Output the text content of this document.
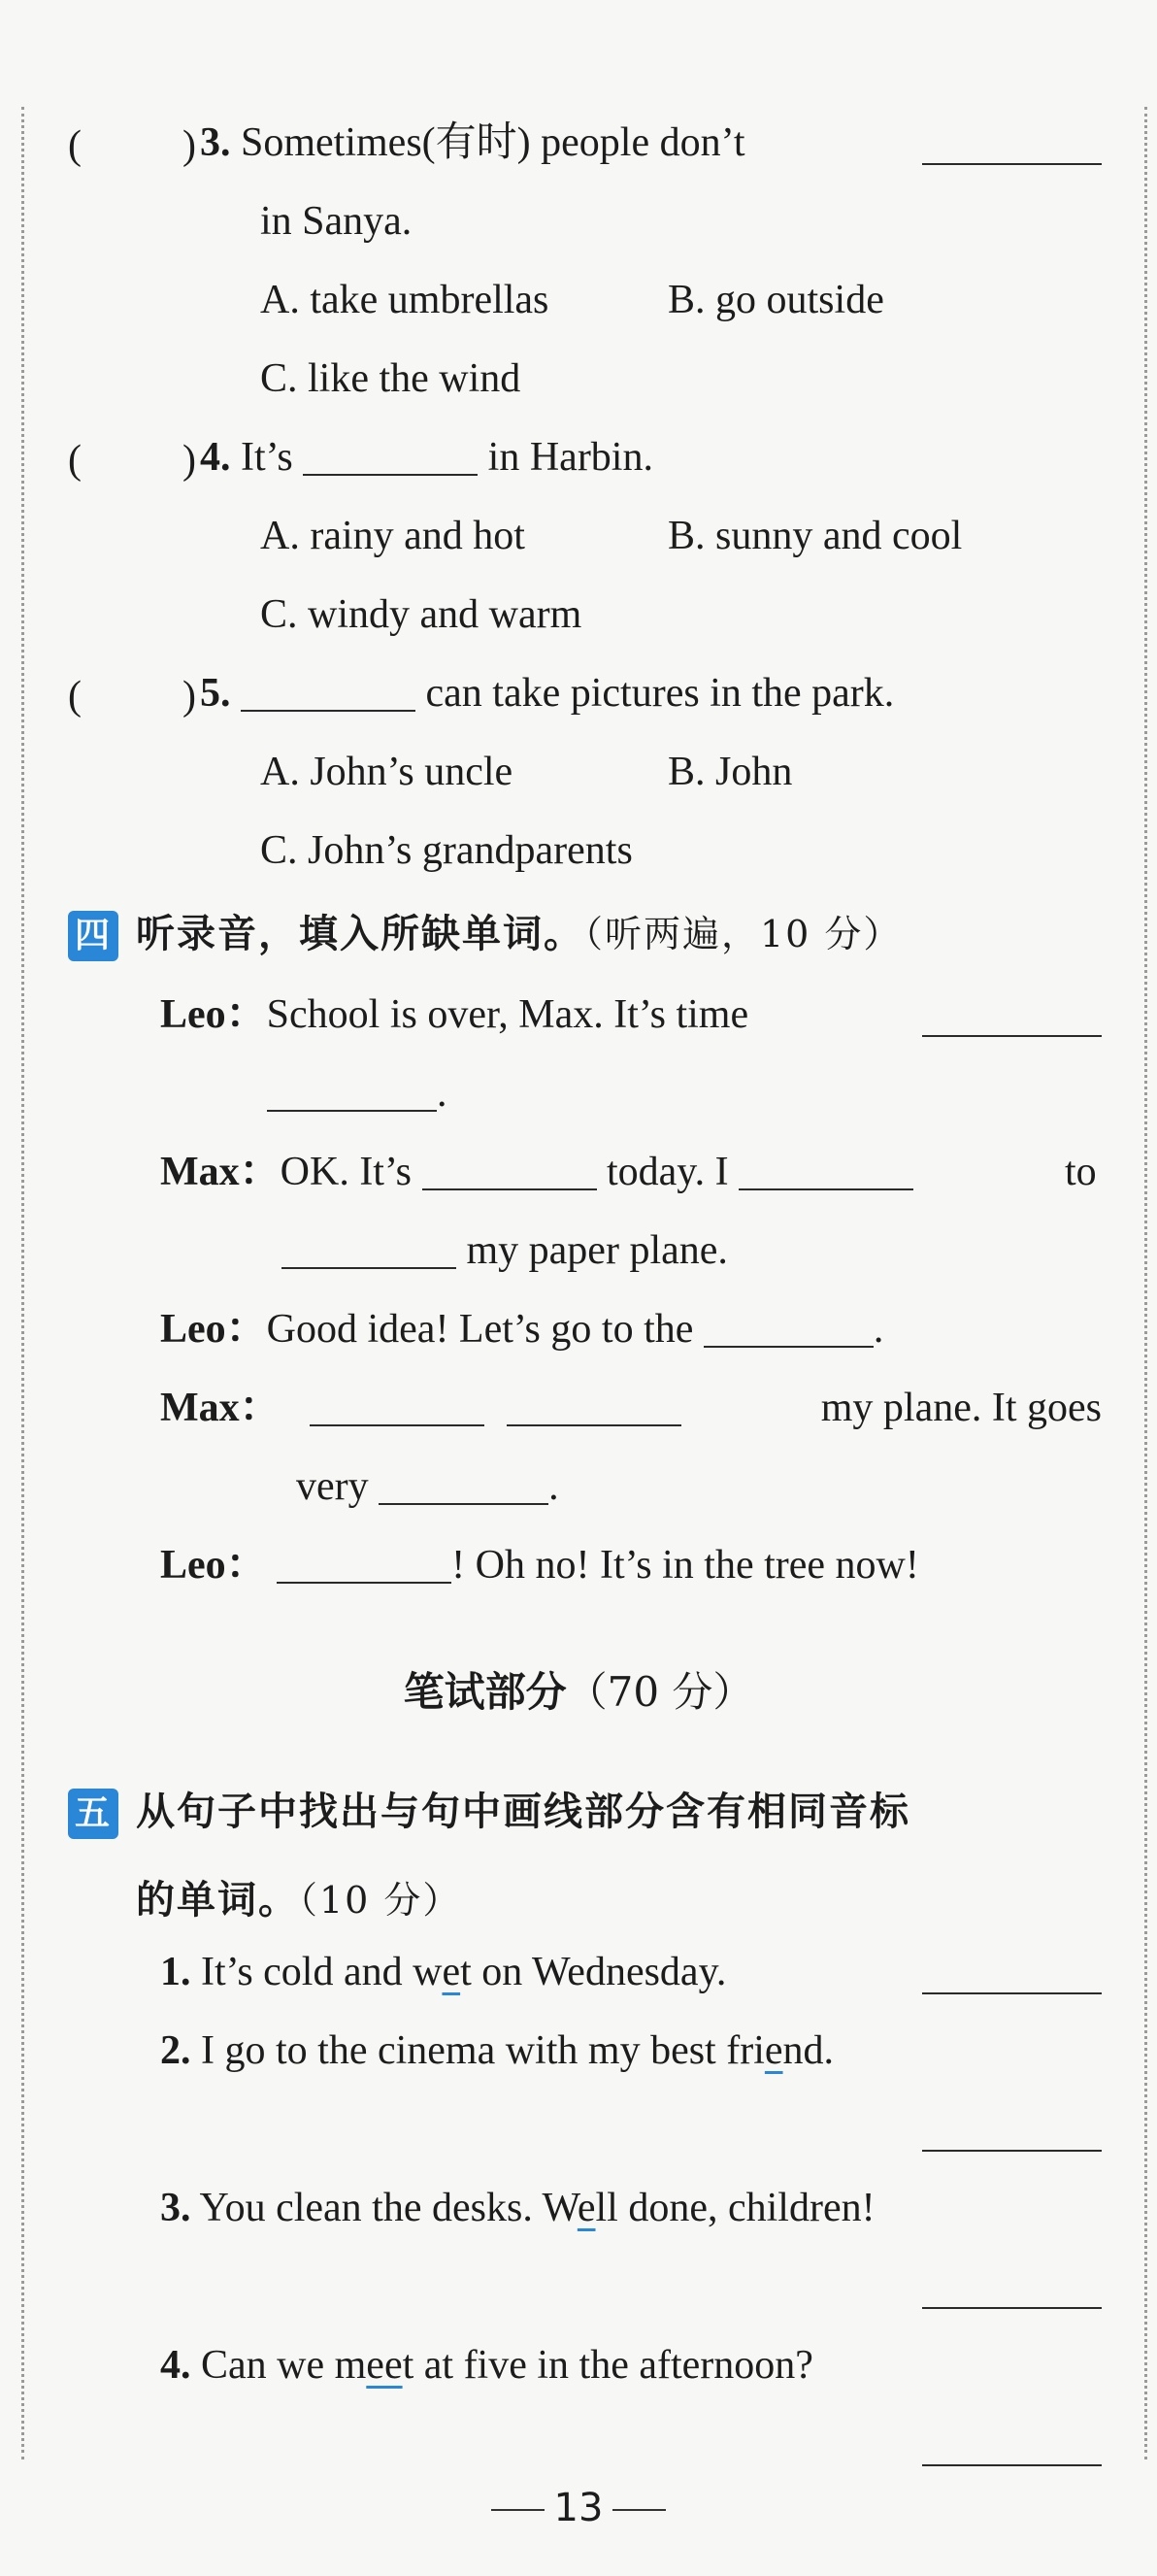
( ) 3. Sometimes(有时) people don’t
in Sanya.
A. take umbrellas	B. go outside
C. like the wind
( ) 4. It’s	in Harbin.
A. rainy and hot	B. sunny and cool
C. windy and warm
( ) 5.	can take pictures in the park.
A. John’s uncle	B. John
C. John’s grandparents
四 听录音，填入所缺单词。（听两遍，10 分）
Leo：School is over, Max. It’s time
.
Max：OK. It’s	today. I	to
my paper plane.
Leo：Good idea! Let’s go to the	.
Max：	my plane. It goes
very	.
Leo：	! Oh no! It’s in the tree now!
笔试部分（70 分）
五 从句子中找出与句中画线部分含有相同音标
的单词。（10 分）
1. It’s cold and wet on Wednesday.
2. I go to the cinema with my best friend.
3. You clean the desks. Well done, children!
4. Can we meet at five in the afternoon?
13
